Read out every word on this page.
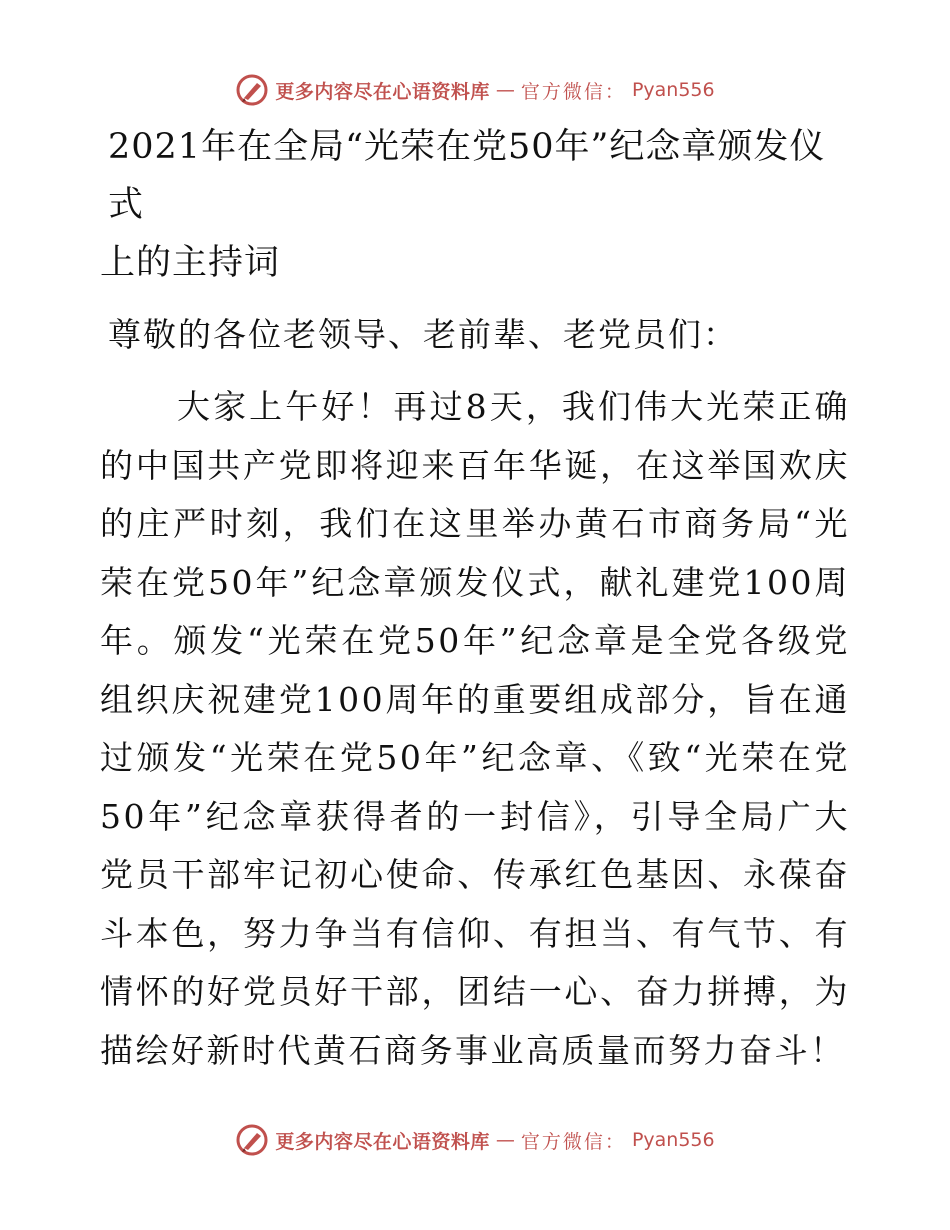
更多内容尽在心语资料库 — 官方微信： Pyan556
2021年在全局“光荣在党50年”纪念章颁发仪式
上的主持词

尊敬的各位老领导、老前辈、老党员们：

大家上午好！再过8天，我们伟大光荣正确的中国共产党即将迎来百年华诞，在这举国欢庆的庄严时刻，我们在这里举办黄石市商务局“光荣在党50年”纪念章颁发仪式，献礼建党100周年。颁发“光荣在党50年”纪念章是全党各级党组织庆祝建党100周年的重要组成部分，旨在通过颁发“光荣在党50年”纪念章、《致“光荣在党50年”纪念章获得者的一封信》，引导全局广大党员干部牢记初心使命、传承红色基因、永葆奋斗本色，努力争当有信仰、有担当、有气节、有情怀的好党员好干部，团结一心、奋力拼搏，为描绘好新时代黄石商务事业高质量而努力奋斗！

更多内容尽在心语资料库 — 官方微信： Pyan556
